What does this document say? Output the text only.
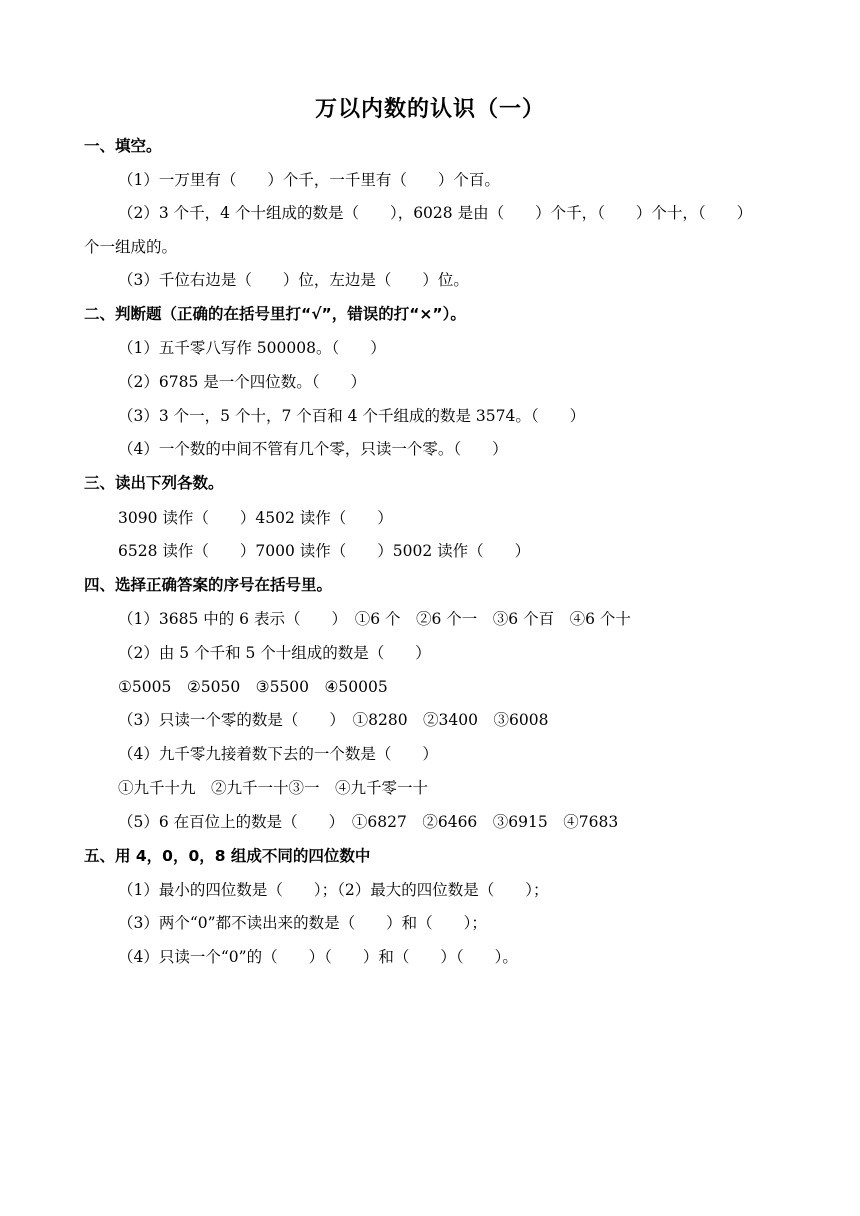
万以内数的认识（一）
一、填空。
（1）一万里有（　　）个千，一千里有（　　）个百。
（2）3 个千，4 个十组成的数是（　　），6028 是由（　　）个千，（　　）个十，（　　）
个一组成的。
（3）千位右边是（　　）位，左边是（　　）位。
二、判断题（正确的在括号里打“√”，错误的打“×”）。
（1）五千零八写作 500008。（　　）
（2）6785 是一个四位数。（　　）
（3）3 个一，5 个十，7 个百和 4 个千组成的数是 3574。（　　）
（4）一个数的中间不管有几个零，只读一个零。（　　）
三、读出下列各数。
3090 读作（　　）4502 读作（　　）
6528 读作（　　）7000 读作（　　）5002 读作（　　）
四、选择正确答案的序号在括号里。
（1）3685 中的 6 表示（　　）　①6 个　②6 个一　③6 个百　④6 个十
（2）由 5 个千和 5 个十组成的数是（　　）
①5005　②5050　③5500　④50005
（3）只读一个零的数是（　　）　①8280　②3400　③6008
（4）九千零九接着数下去的一个数是（　　）
①九千十九　②九千一十③一　④九千零一十
（5）6 在百位上的数是（　　）　①6827　②6466　③6915　④7683
五、用 4，0，0，8 组成不同的四位数中
（1）最小的四位数是（　　）；（2）最大的四位数是（　　）；
（3）两个“0”都不读出来的数是（　　）和（　　）；
（4）只读一个“0”的（　　）（　　）和（　　）（　　）。
